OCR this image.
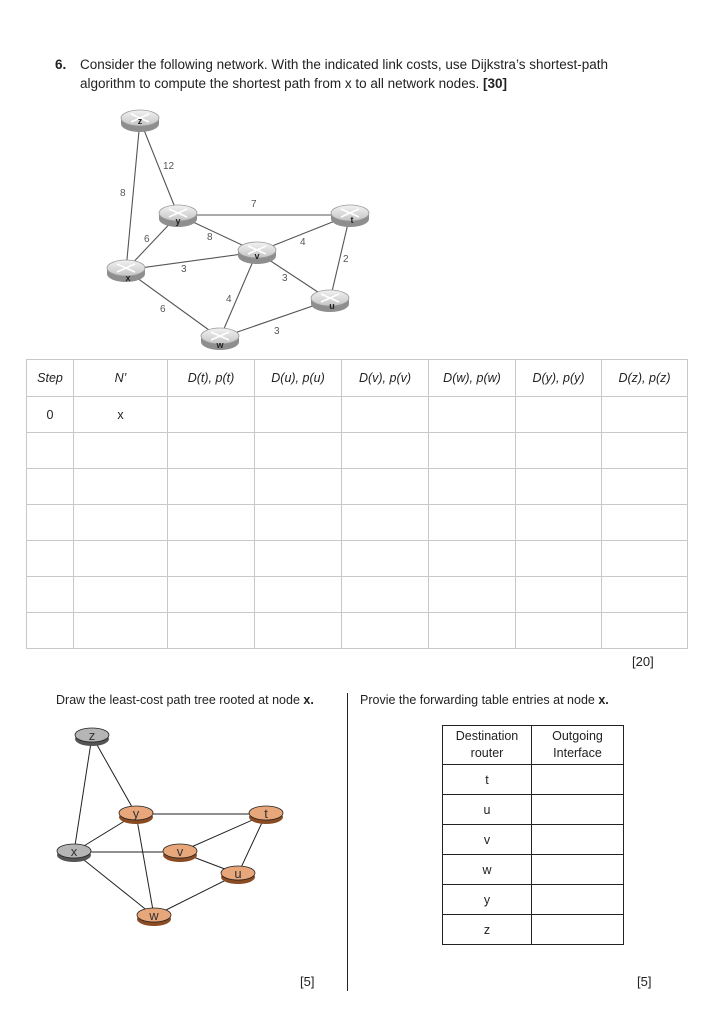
6. Consider the following network. With the indicated link costs, use Dijkstra’s shortest-path
algorithm to compute the shortest path from x to all network nodes. [30]
8
12
7
6	8
3
6
4
3
4
2
3
z
y	t
v
x
u
w
Step	N’	D(t), p(t)	D(u), p(u)	D(v), p(v)	D(w), p(w)	D(y), p(y)	D(z), p(z)
0	x						

[20]
Draw the least-cost path tree rooted at node x.
z
y	t
v
x
u
w
[5]
Provie the forwarding table entries at node x.
Destination
router	Outgoing
Interface
t	
u	
v	
w	
y	
z	
[5]
